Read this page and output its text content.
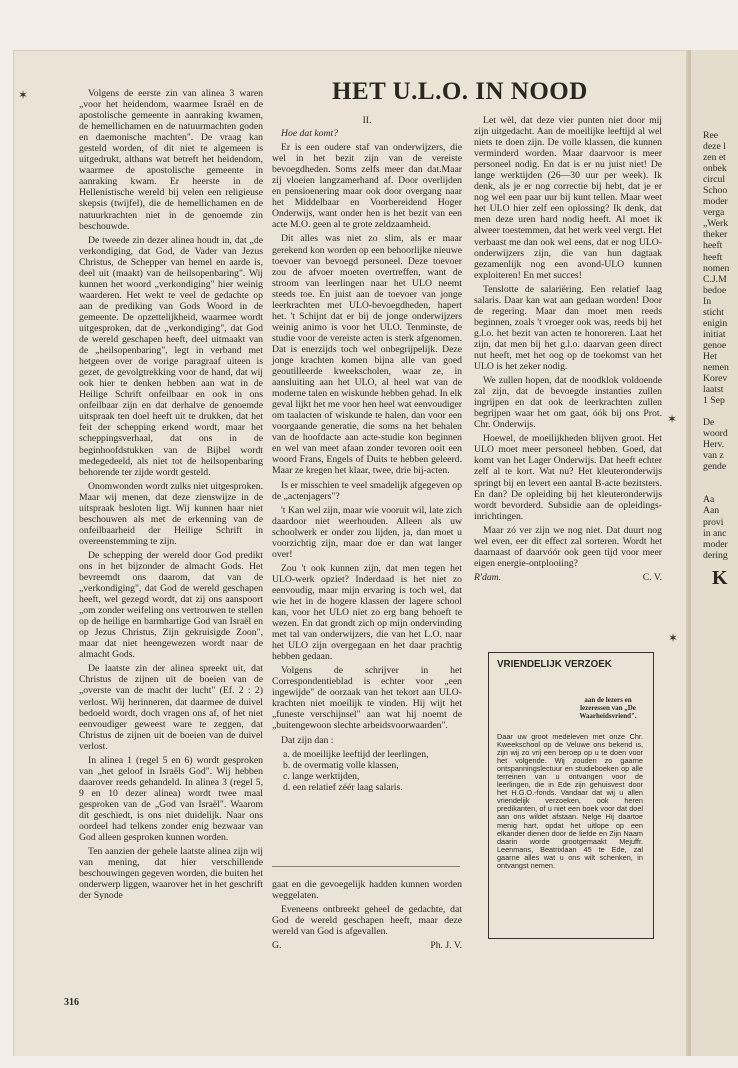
HET U.L.O. IN NOOD

Volgens de eerste zin van alinea 3 waren „voor het heidendom, waarmee Israël en de apostolische gemeente in aanraking kwamen, de hemellichamen en de natuurmachten goden en daemonische machten". De vraag kan gesteld worden, of dit niet te algemeen is uitgedrukt, althans wat betreft het heidendom, waarmee de apostolische gemeente in aanraking kwam. Er heerste in de Hellenistische wereld bij velen een religieuse skepsis (twijfel), die de hemellichamen en de natuurkrachten niet in de genoemde zin beschouwde.

De tweede zin dezer alinea houdt in, dat „de verkondiging, dat God, de Vader van Jezus Christus, de Schepper van hemel en aarde is, deel uit (maakt) van de heilsopenbaring". Wij kunnen het woord „verkondiging" hier weinig waarderen. Het wekt te veel de gedachte op aan de prediking van Gods Woord in de gemeente. De opzettelijkheid, waarmee wordt uitgesproken, dat de „verkondiging", dat God de wereld geschapen heeft, deel uitmaakt van de „heilsopenbaring", legt in verband met hetgeen over de vorige paragraaf uiteen is gezet, de gevolgtrekking voor de hand, dat wij ook hier te denken hebben aan wat in de Heilige Schrift onfeilbaar en ook in ons onfeilbaar zijn en dat derhalve de genoemde uitspraak ten doel heeft uit te drukken, dat het feit der schepping erkend wordt, maar het scheppingsverhaal, dat ons in de beginhoofdstukken van de Bijbel wordt medegedeeld, als niet tot de heilsopenbaring behorende ter zijde wordt gesteld.

Onomwonden wordt zulks niet uitgesproken. Maar wij menen, dat deze zienswijze in de uitspraak besloten ligt. Wij kunnen haar niet beschouwen als met de erkenning van de onfeilbaarheid der Heilige Schrift in overeenstemming te zijn.

De schepping der wereld door God predikt ons in het bijzonder de almacht Gods. Het bevreemdt ons daarom, dat van de „verkondiging", dat God de wereld geschapen heeft, wel gezegd wordt, dat zij ons aanspoort „om zonder weifeling ons vertrouwen te stellen op de heilige en barmhartige God van Israël en op Jezus Christus, Zijn gekruisigde Zoon", maar dat niet heengewezen wordt naar de almacht Gods.

De laatste zin der alinea spreekt uit, dat Christus de zijnen uit de boeien van de „overste van de macht der lucht" (Ef. 2 : 2) verlost. Wij herinneren, dat daarmee de duivel bedoeld wordt, doch vragen ons af, of het niet eenvoudiger geweest ware te zeggen, dat Christus de zijnen uit de boeien van de duivel verlost.

In alinea 1 (regel 5 en 6) wordt gesproken van „het geloof in Israëls God". Wij hebben daarover reeds gehandeld. In alinea 3 (regel 5, 9 en 10 dezer alinea) wordt twee maal gesproken van de „God van Israël". Waarom dit geschiedt, is ons niet duidelijk. Naar ons oordeel had telkens zonder enig bezwaar van God alleen gesproken kunnen worden.

Ten aanzien der gehele laatste alinea zijn wij van mening, dat hier verschillende beschouwingen gegeven worden, die buiten het onderwerp liggen, waarover het in het geschrift der Synode

II.

Hoe dat komt?

Er is een oudere staf van onderwijzers, die wel in het bezit zijn van de vereiste bevoegdheden. Soms zelfs meer dan dat.Maar zij vloeien langzamerhand af. Door overlijden en pensioenering maar ook door overgang naar het Middelbaar en Voorbereidend Hoger Onderwijs, want onder hen is het bezit van een acte M.O. geen al te grote zeldzaamheid.

Dit alles was niet zo slim, als er maar gerekend kon worden op een behoorlijke nieuwe toevoer van bevoegd personeel. Deze toevoer zou de afvoer moeten overtreffen, want de stroom van leerlingen naar het ULO neemt steeds toe. En juist aan de toevoer van jonge leerkrachten met ULO-bevoegdheden, hapert het. 't Schijnt dat er bij de jonge onderwijzers weinig animo is voor het ULO. Tenminste, de studie voor de vereiste acten is sterk afgenomen. Dat is enerzijds toch wel onbegrijpelijk. Deze jonge krachten komen bijna alle van goed geoutilleerde kweekscholen, waar ze, in aansluiting aan het ULO, al heel wat van de moderne talen en wiskunde hebben gehad. In elk geval lijkt het me voor hen heel wat eenvoudiger om taalacten of wiskunde te halen, dan voor een voorgaande generatie, die soms na het behalen van de hoofdacte aan acte-studie kon beginnen en wel van meet afaan zonder tevoren ooit een woord Frans, Engels of Duits te hebben geleerd. Maar ze kregen het klaar, twee, drie bij-acten.

Is er misschien te veel smadelijk afgegeven op de „actenjagers"?

't Kan wel zijn, maar wie vooruit wil, late zich daardoor niet weerhouden. Alleen als uw schoolwerk er onder zou lijden, ja, dan moet u voorzichtig zijn, maar doe er dan wat langer over!

Zou 't ook kunnen zijn, dat men tegen het ULO-werk opziet? Inderdaad is het niet zo eenvoudig, maar mijn ervaring is toch wel, dat wie het in de hogere klassen der lagere school kan, voor het ULO niet zo erg bang behoeft te wezen. En dat grondt zich op mijn ondervinding met tal van onderwijzers, die van het L.O. naar het ULO zijn overgegaan en het daar prachtig hebben gedaan.

Volgens de schrijver in het Correspondentieblad is echter voor „een ingewijde" de oorzaak van het tekort aan ULO-krachten niet moeilijk te vinden. Hij wijt het „funeste verschijnsel" aan wat hij noemt de „buitengewoon slechte arbeidsvoorwaarden".

Dat zijn dan :

a. de moeilijke leeftijd der leerlingen,
b. de overmatig volle klassen,
c. lange werktijden,
d. een relatief zéér laag salaris.

gaat en die gevoegelijk hadden kunnen worden weggelaten.

Eveneens ontbreekt geheel de gedachte, dat God de wereld geschapen heeft, maar deze wereld van God is afgevallen.

G.	Ph. J. V.

Let wèl, dat deze vier punten niet door mij zijn uitgedacht. Aan de moeilijke leeftijd al wel niets te doen zijn. De volle klassen, die kunnen verminderd worden. Maar daarvoor is meer personeel nodig. En dat is er nu juist niet! De lange werktijden (26—30 uur per week). Ik denk, als je er nog correctie bij hebt, dat je er nog wel een paar uur bij kunt tellen. Maar weet het ULO hier zelf een oplossing? Ik denk, dat men deze uren hard nodig heeft. Al moet ik alweer toestemmen, dat het werk veel vergt. Het verbaast me dan ook wel eens, dat er nog ULO-onderwijzers zijn, die van hun dagtaak gezamenlijk nog een avond-ULO kunnen exploiteren! En met succes!

Tenslotte de salariëring. Een relatief laag salaris. Daar kan wat aan gedaan worden! Door de regering. Maar dan moet men reeds beginnen, zoals 't vroeger ook was, reeds bij het g.l.o. het bezit van acten te honoreren. Laat het zijn, dat men bij het g.l.o. daarvan geen direct nut heeft, met het oog op de toekomst van het ULO is het zeker nodig.

We zullen hopen, dat de noodklok voldoende zal zijn, dat de bevoegde instanties zullen ingrijpen en dat ook de leerkrachten zullen begrijpen waar het om gaat, óók bij ons Prot. Chr. Onderwijs.

Hoewel, de moeilijkheden blijven groot. Het ULO moet meer personeel hebben. Goed, dat komt van het Lager Onderwijs. Dat heeft echter zelf al te kort. Wat nu? Het kleuteronderwijs springt bij en levert een aantal B-acte bezitsters. En dan? De opleiding bij het kleuteronderwijs wordt bevorderd. Subsidie aan de opleidings-inrichtingen.

Maar zó ver zijn we nog niet. Dat duurt nog wel even, eer dit effect zal sorteren. Wordt het daarnaast of daarvóór ook geen tijd voor meer eigen energie-ontplooiing?

R'dam.	C. V.

VRIENDELIJK VERZOEK
aan de lezers en lezeressen van „De Waarheidsvriend".
Daar uw groot medeleven met onze Chr. Kweekschool op de Veluwe ons bekend is, zijn wij zo vrij een beroep op u te doen voor het volgende. Wij zouden zo gaarne ontspanningslectuur en studieboeken op alle terreinen van u ontvangen voor de leerlingen, die in Ede zijn gehuisvest door het H.G.O.-fonds. Vandaar dat wij u allen vriendelijk verzoeken, ook heren predikanten, of u niet een boek voor dat doel aan ons wildet afstaan. Nelge Hij daartoe menig hart, opdat het uitlope op een elkander dienen door de liefde en Zijn Naam daarin worde grootgemaakt Mejuffr. Leenmans, Beatrixlaan 45 te Ede, zal gaarne alles wat u ons wilt schenken, in ontvangst nemen.
316
Ree
deze l
zen et
onbek
circul
Schoo
moder
verga
„Werk
theker
heeft
heeft
nomen
C.J.M
bedoe
In
sticht
enigin
initiat
genoe
Het
nemen
Korev
laatst
1 Sep
De
woord
Herv.
van z
gende
Aa
Aan
provi
in anc
moder
dering
K
✶
✶
✶
